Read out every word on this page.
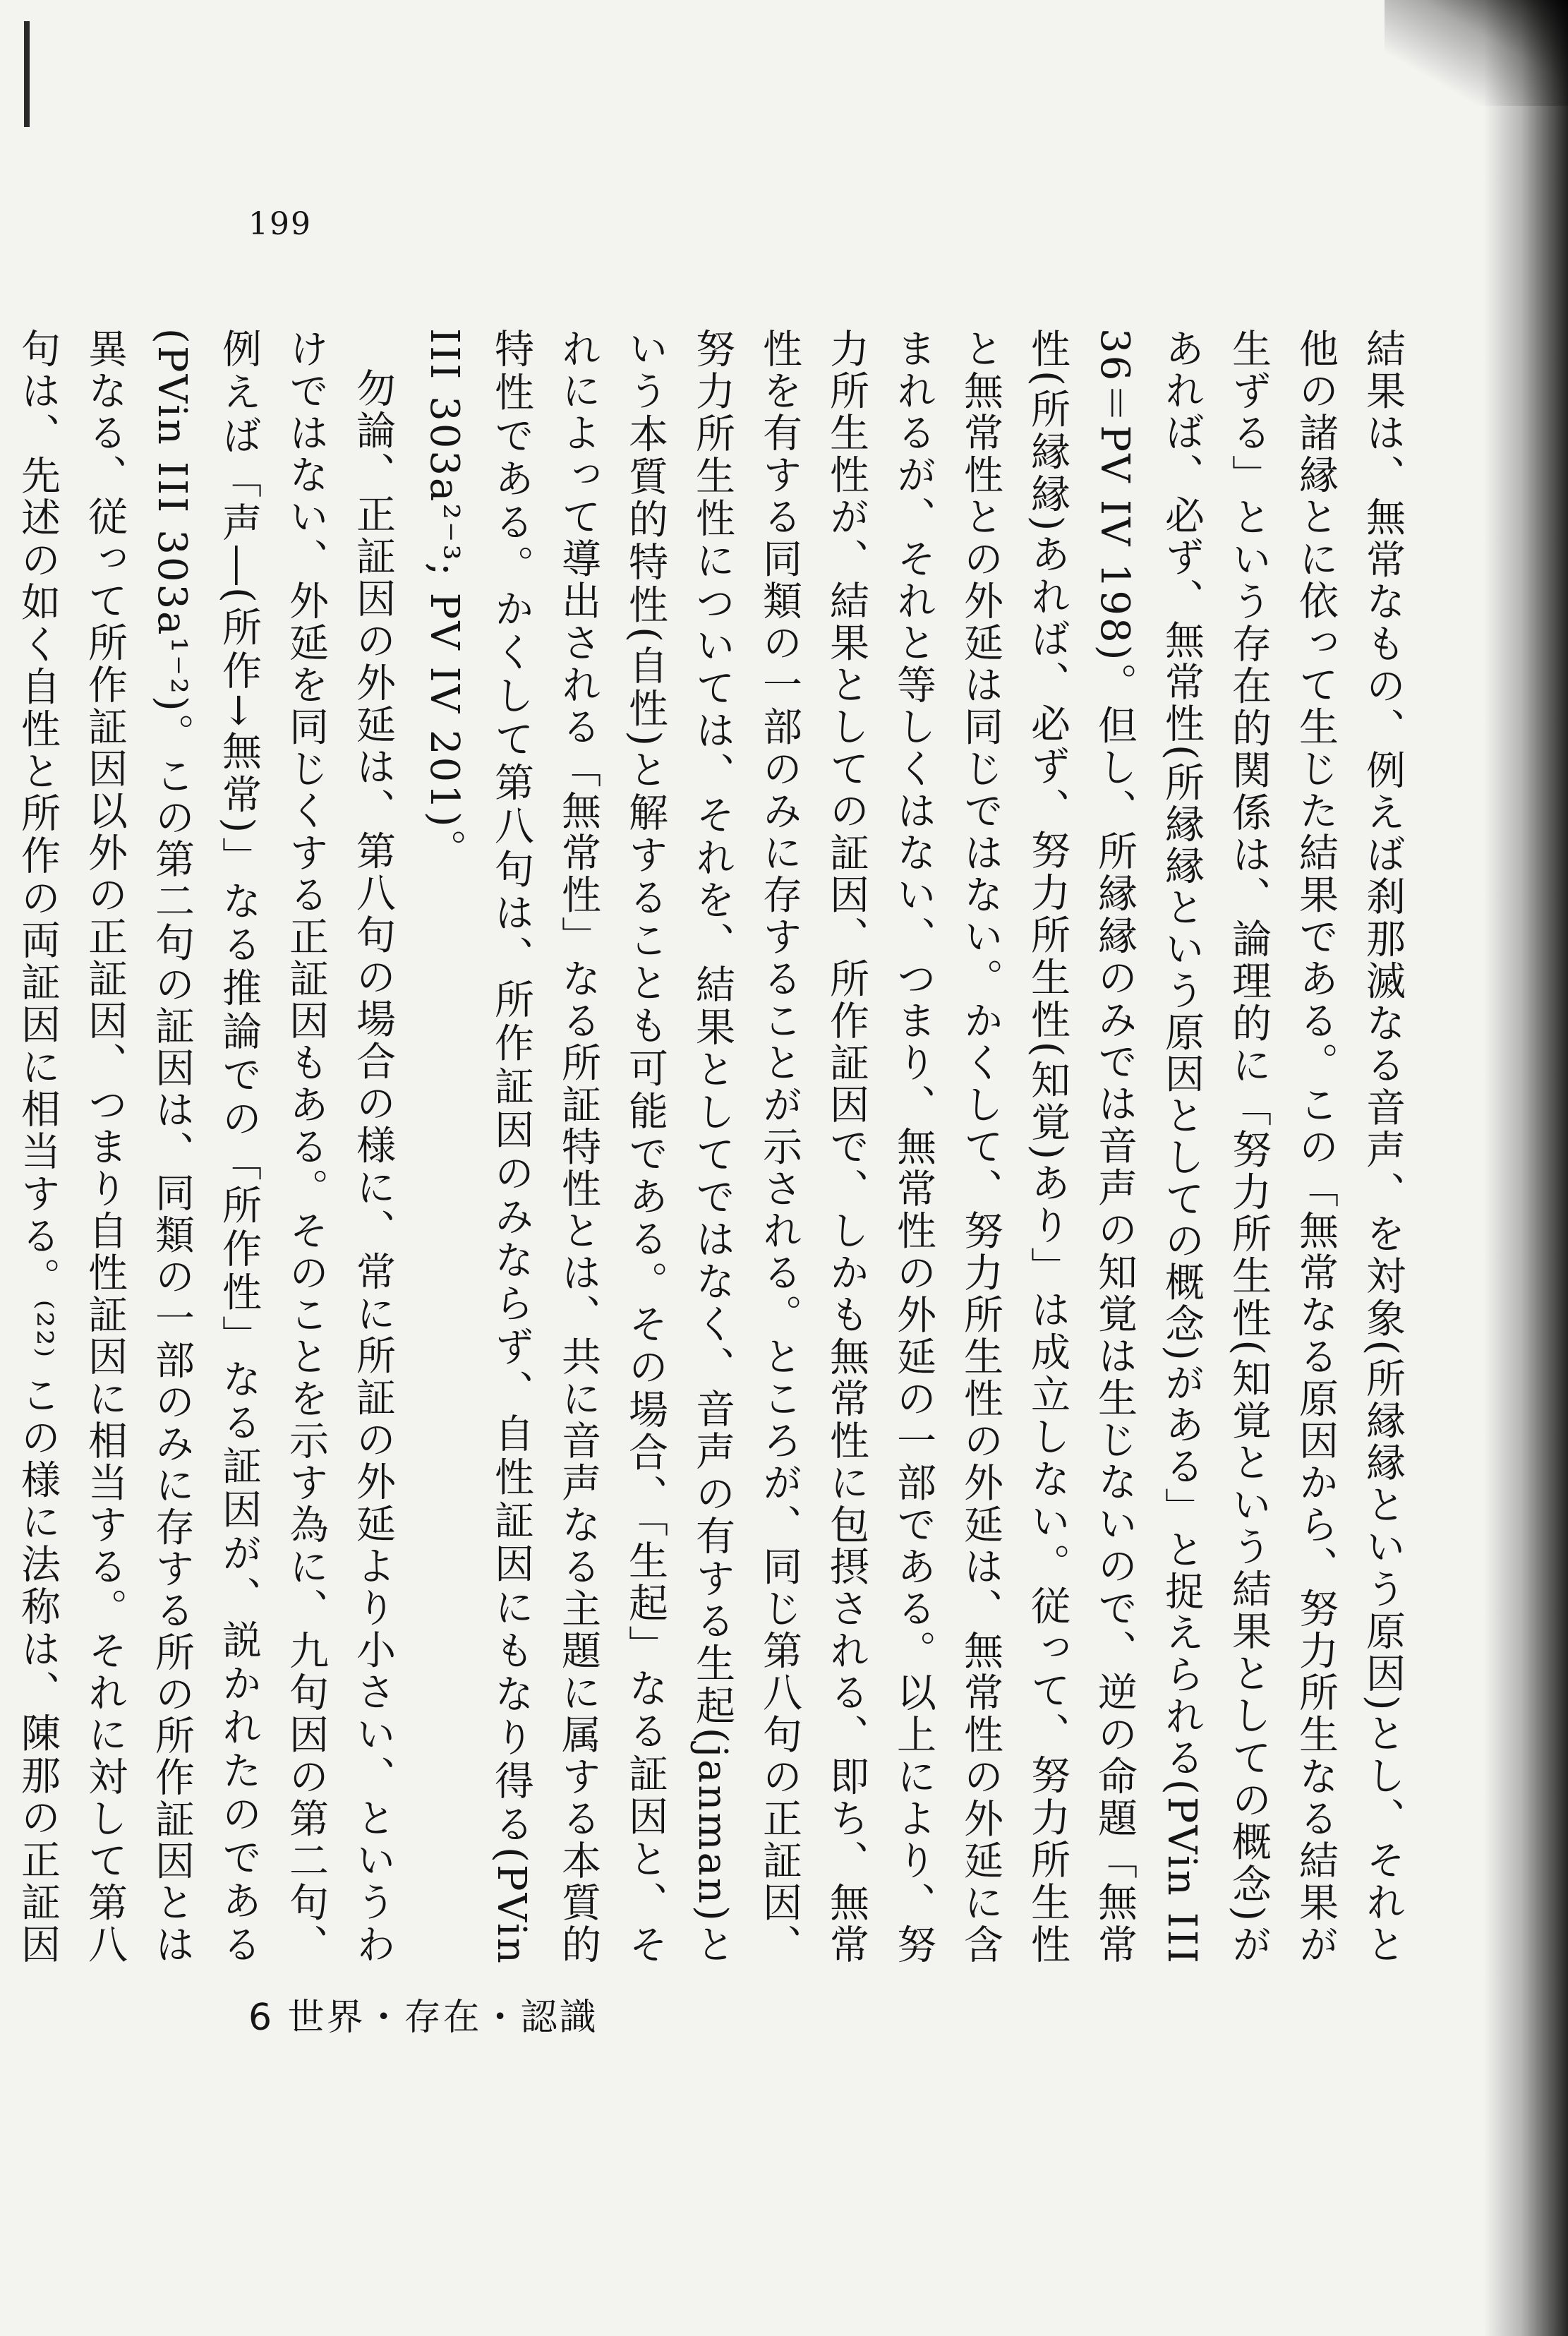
199

結果は、無常なもの、例えば刹那滅なる音声、を対象(所縁縁という原因)とし、それと他の諸縁とに依って生じた結果である。この「無常なる原因から、努力所生なる結果が生ずる」という存在的関係は、論理的に「努力所生性(知覚という結果としての概念)があれば、必ず、無常性(所縁縁という原因としての概念)がある」と捉えられる(PVin III 36＝PV IV 198)。但し、所縁縁のみでは音声の知覚は生じないので、逆の命題「無常性(所縁縁)あれば、必ず、努力所生性(知覚)あり」は成立しない。従って、努力所生性と無常性との外延は同じではない。かくして、努力所生性の外延は、無常性の外延に含まれるが、それと等しくはない、つまり、無常性の外延の一部である。以上により、努力所生性が、結果としての証因、所作証因で、しかも無常性に包摂される、即ち、無常性を有する同類の一部のみに存することが示される。ところが、同じ第八句の正証因、努力所生性については、それを、結果としてではなく、音声の有する生起(janman)という本質的特性(自性)と解することも可能である。その場合、「生起」なる証因と、それによって導出される「無常性」なる所証特性とは、共に音声なる主題に属する本質的特性である。かくして第八句は、所作証因のみならず、自性証因にもなり得る(PVin III 303a²⁻³; PV IV 201)。

勿論、正証因の外延は、第八句の場合の様に、常に所証の外延より小さい、というわけではない、外延を同じくする正証因もある。そのことを示す為に、九句因の第二句、例えば「声―(所作→無常)」なる推論での「所作性」なる証因が、説かれたのである(PVin III 303a¹⁻²)。この第二句の証因は、同類の一部のみに存する所の所作証因とは異なる、従って所作証因以外の正証因、つまり自性証因に相当する。それに対して第八句は、先述の如く自性と所作の両証因に相当する。⁽²²⁾ この様に法称は、陳那の正証因

6 世界・存在・認識
